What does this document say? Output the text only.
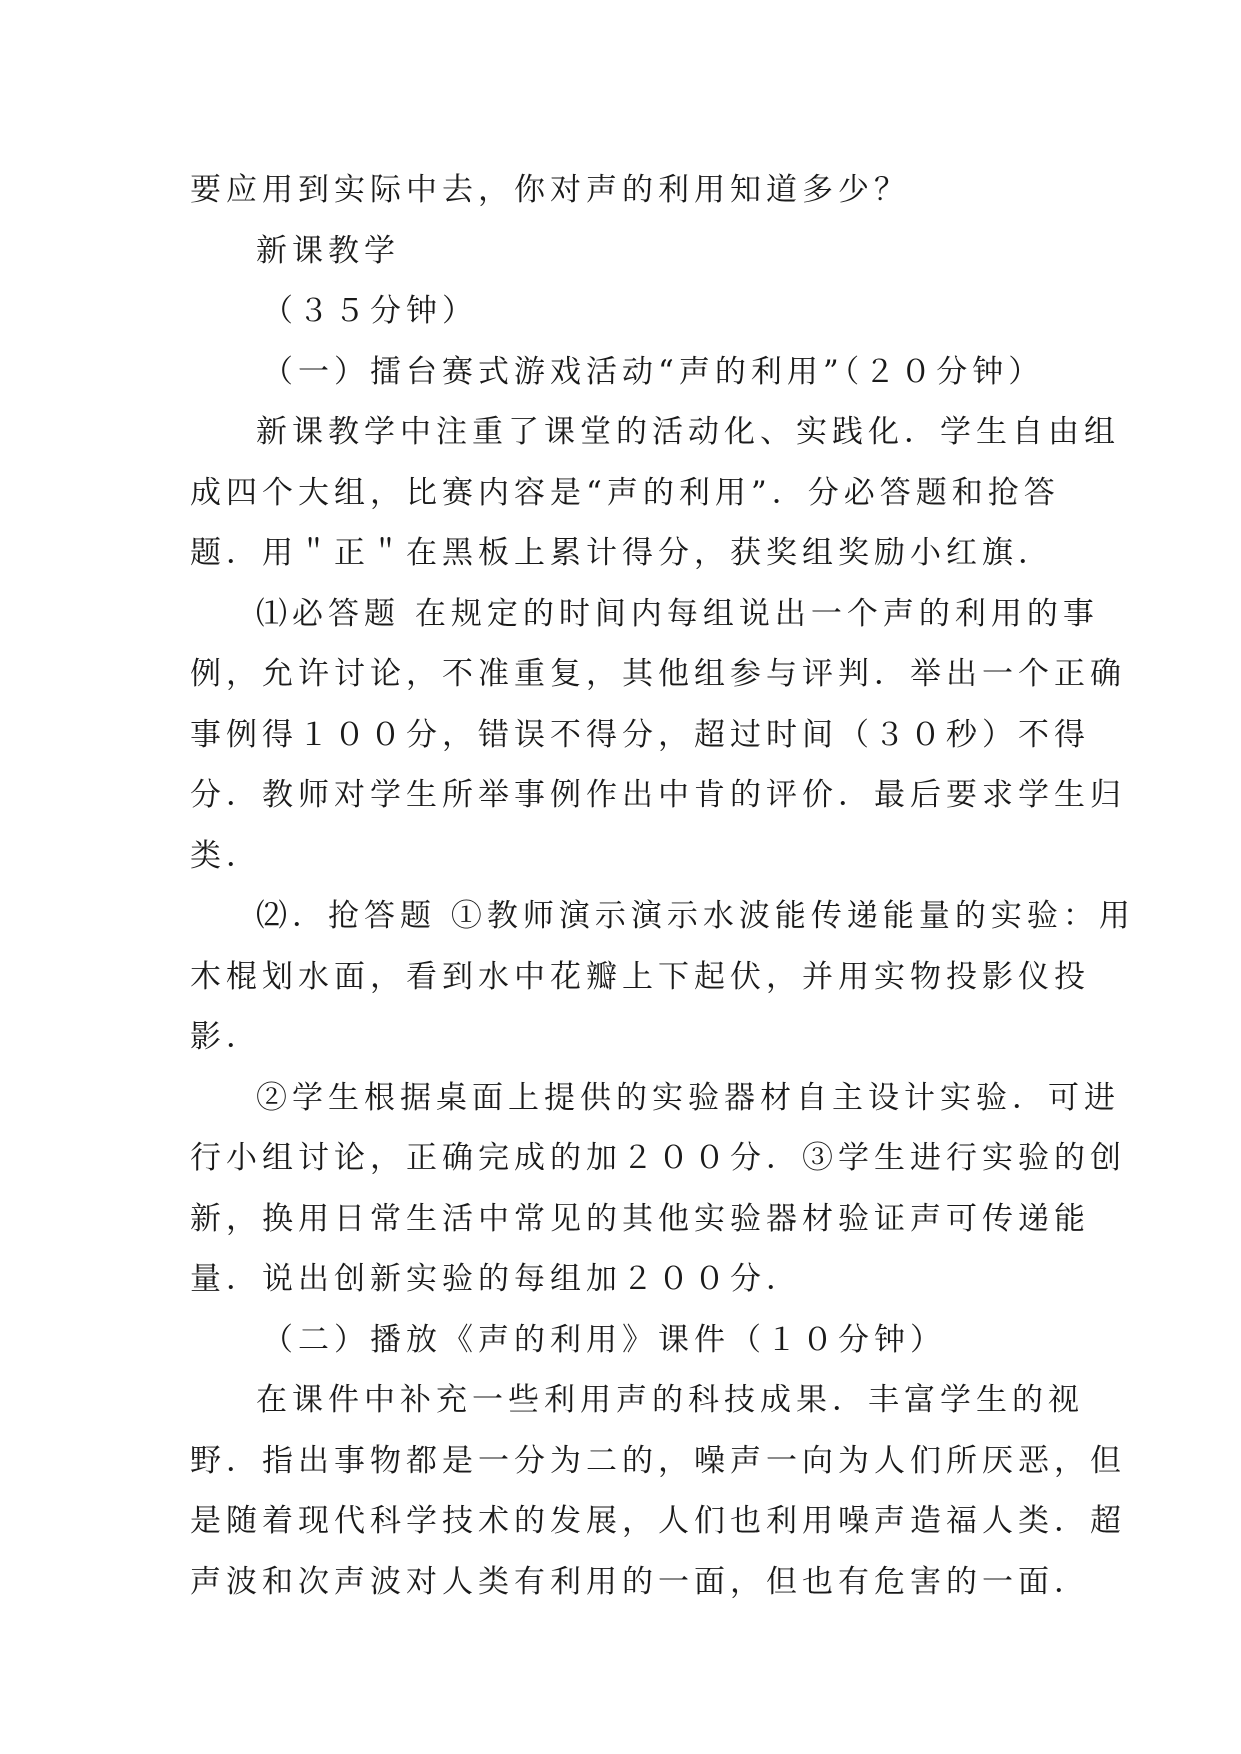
要应用到实际中去，你对声的利用知道多少？
新课教学
（３５分钟）
（一）擂台赛式游戏活动“声的利用”（２０分钟）
新课教学中注重了课堂的活动化、实践化．学生自由组
成四个大组，比赛内容是“声的利用”．分必答题和抢答
题．用＂正＂在黑板上累计得分，获奖组奖励小红旗．
⑴必答题 在规定的时间内每组说出一个声的利用的事
例，允许讨论，不准重复，其他组参与评判．举出一个正确
事例得１００分，错误不得分，超过时间（３０秒）不得
分．教师对学生所举事例作出中肯的评价．最后要求学生归
类．
⑵．抢答题 ①教师演示演示水波能传递能量的实验：用
木棍划水面，看到水中花瓣上下起伏，并用实物投影仪投
影．
②学生根据桌面上提供的实验器材自主设计实验．可进
行小组讨论，正确完成的加２００分．③学生进行实验的创
新，换用日常生活中常见的其他实验器材验证声可传递能
量．说出创新实验的每组加２００分．
（二）播放《声的利用》课件（１０分钟）
在课件中补充一些利用声的科技成果．丰富学生的视
野．指出事物都是一分为二的，噪声一向为人们所厌恶，但
是随着现代科学技术的发展，人们也利用噪声造福人类．超
声波和次声波对人类有利用的一面，但也有危害的一面．
